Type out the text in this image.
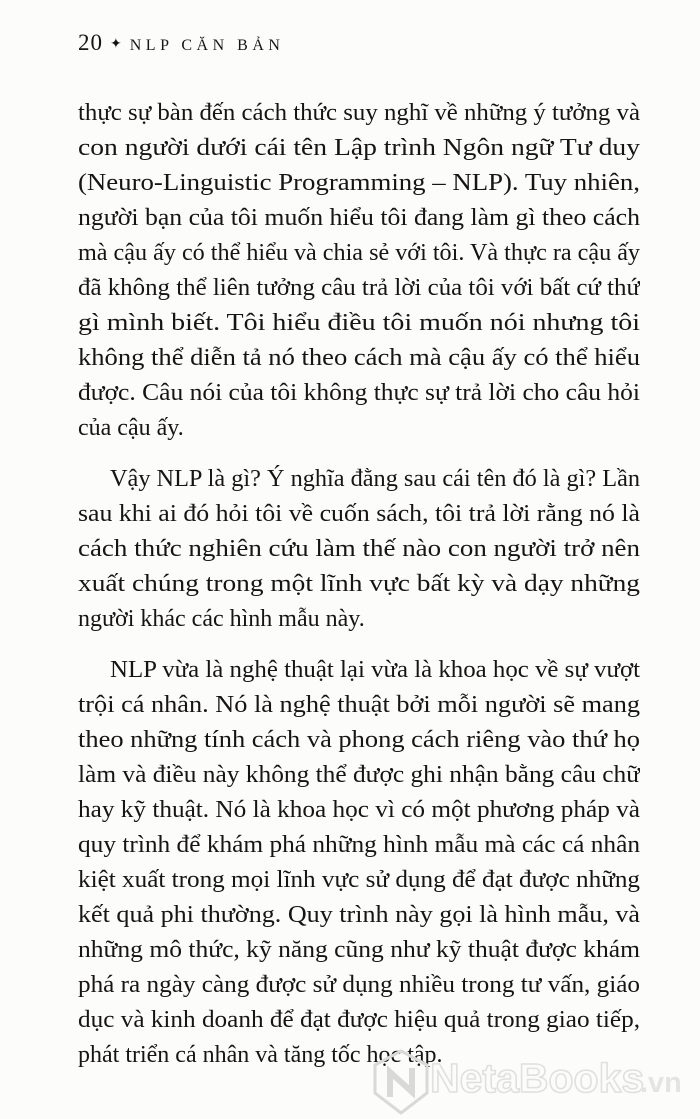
20 ✦ NLP CĂN BẢN
thực sự bàn đến cách thức suy nghĩ về những ý tưởng và
con người dưới cái tên Lập trình Ngôn ngữ Tư duy
(Neuro-Linguistic Programming – NLP). Tuy nhiên,
người bạn của tôi muốn hiểu tôi đang làm gì theo cách
mà cậu ấy có thể hiểu và chia sẻ với tôi. Và thực ra cậu ấy
đã không thể liên tưởng câu trả lời của tôi với bất cứ thứ
gì mình biết. Tôi hiểu điều tôi muốn nói nhưng tôi
không thể diễn tả nó theo cách mà cậu ấy có thể hiểu
được. Câu nói của tôi không thực sự trả lời cho câu hỏi
của cậu ấy.
Vậy NLP là gì? Ý nghĩa đằng sau cái tên đó là gì? Lần
sau khi ai đó hỏi tôi về cuốn sách, tôi trả lời rằng nó là
cách thức nghiên cứu làm thế nào con người trở nên
xuất chúng trong một lĩnh vực bất kỳ và dạy những
người khác các hình mẫu này.
NLP vừa là nghệ thuật lại vừa là khoa học về sự vượt
trội cá nhân. Nó là nghệ thuật bởi mỗi người sẽ mang
theo những tính cách và phong cách riêng vào thứ họ
làm và điều này không thể được ghi nhận bằng câu chữ
hay kỹ thuật. Nó là khoa học vì có một phương pháp và
quy trình để khám phá những hình mẫu mà các cá nhân
kiệt xuất trong mọi lĩnh vực sử dụng để đạt được những
kết quả phi thường. Quy trình này gọi là hình mẫu, và
những mô thức, kỹ năng cũng như kỹ thuật được khám
phá ra ngày càng được sử dụng nhiều trong tư vấn, giáo
dục và kinh doanh để đạt được hiệu quả trong giao tiếp,
phát triển cá nhân và tăng tốc học tập.
NetaBooks
.vn
